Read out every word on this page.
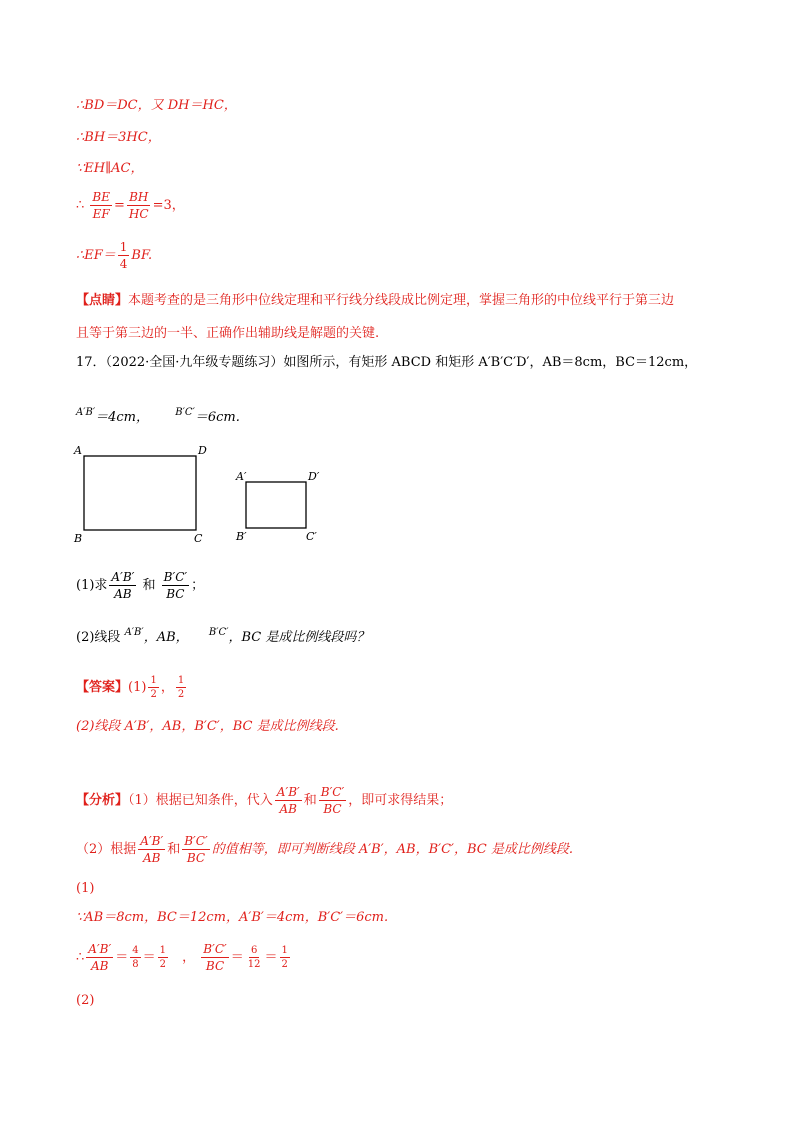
∴BD＝DC，又 DH＝HC，
∴BH＝3HC，
∵EH∥AC，
∴ $\frac{BE}{EF} = \frac{BH}{HC} =3$，
∴EF＝ $\frac{1}{4}$ BF.
【点睛】本题考查的是三角形中位线定理和平行线分线段成比例定理，掌握三角形的中位线平行于第三边
且等于第三边的一半、正确作出辅助线是解题的关键.
17．（2022·全国·九年级专题练习）如图所示，有矩形 ABCD 和矩形 A′B′C′D′，AB＝8cm，BC＝12cm，
$^{A'B'}$＝4cm，	$^{B'C'}$＝6cm.
A	D
B	C
A′	D′
B′	C′
(1)求 $\frac{A'B'}{AB}$ 和 $\frac{B'C'}{BC}$ ；
(2)线段 $^{A'B'}$，AB， $^{B'C'}$，BC 是成比例线段吗？
【答案】$(1) \frac{1}{2}$ ， $\frac{1}{2}$
(2)线段 A′B′，AB，B′C′，BC 是成比例线段.
【分析】（1）根据已知条件，代入 $\frac{A'B'}{AB}$ 和 $\frac{B'C'}{BC}$ ，即可求得结果；
（2）根据 $\frac{A'B'}{AB}$ 和 $\frac{B'C'}{BC}$ 的值相等，即可判断线段 A′B′，AB，B′C′，BC 是成比例线段.
(1)
∵AB＝8cm，BC＝12cm，A′B′＝4cm，B′C′＝6cm.
∴ $\frac{A'B'}{AB} = \frac{4}{8} = \frac{1}{2}$ ， $\frac{B'C'}{BC} = \frac{6}{12} = \frac{1}{2}$
(2)
